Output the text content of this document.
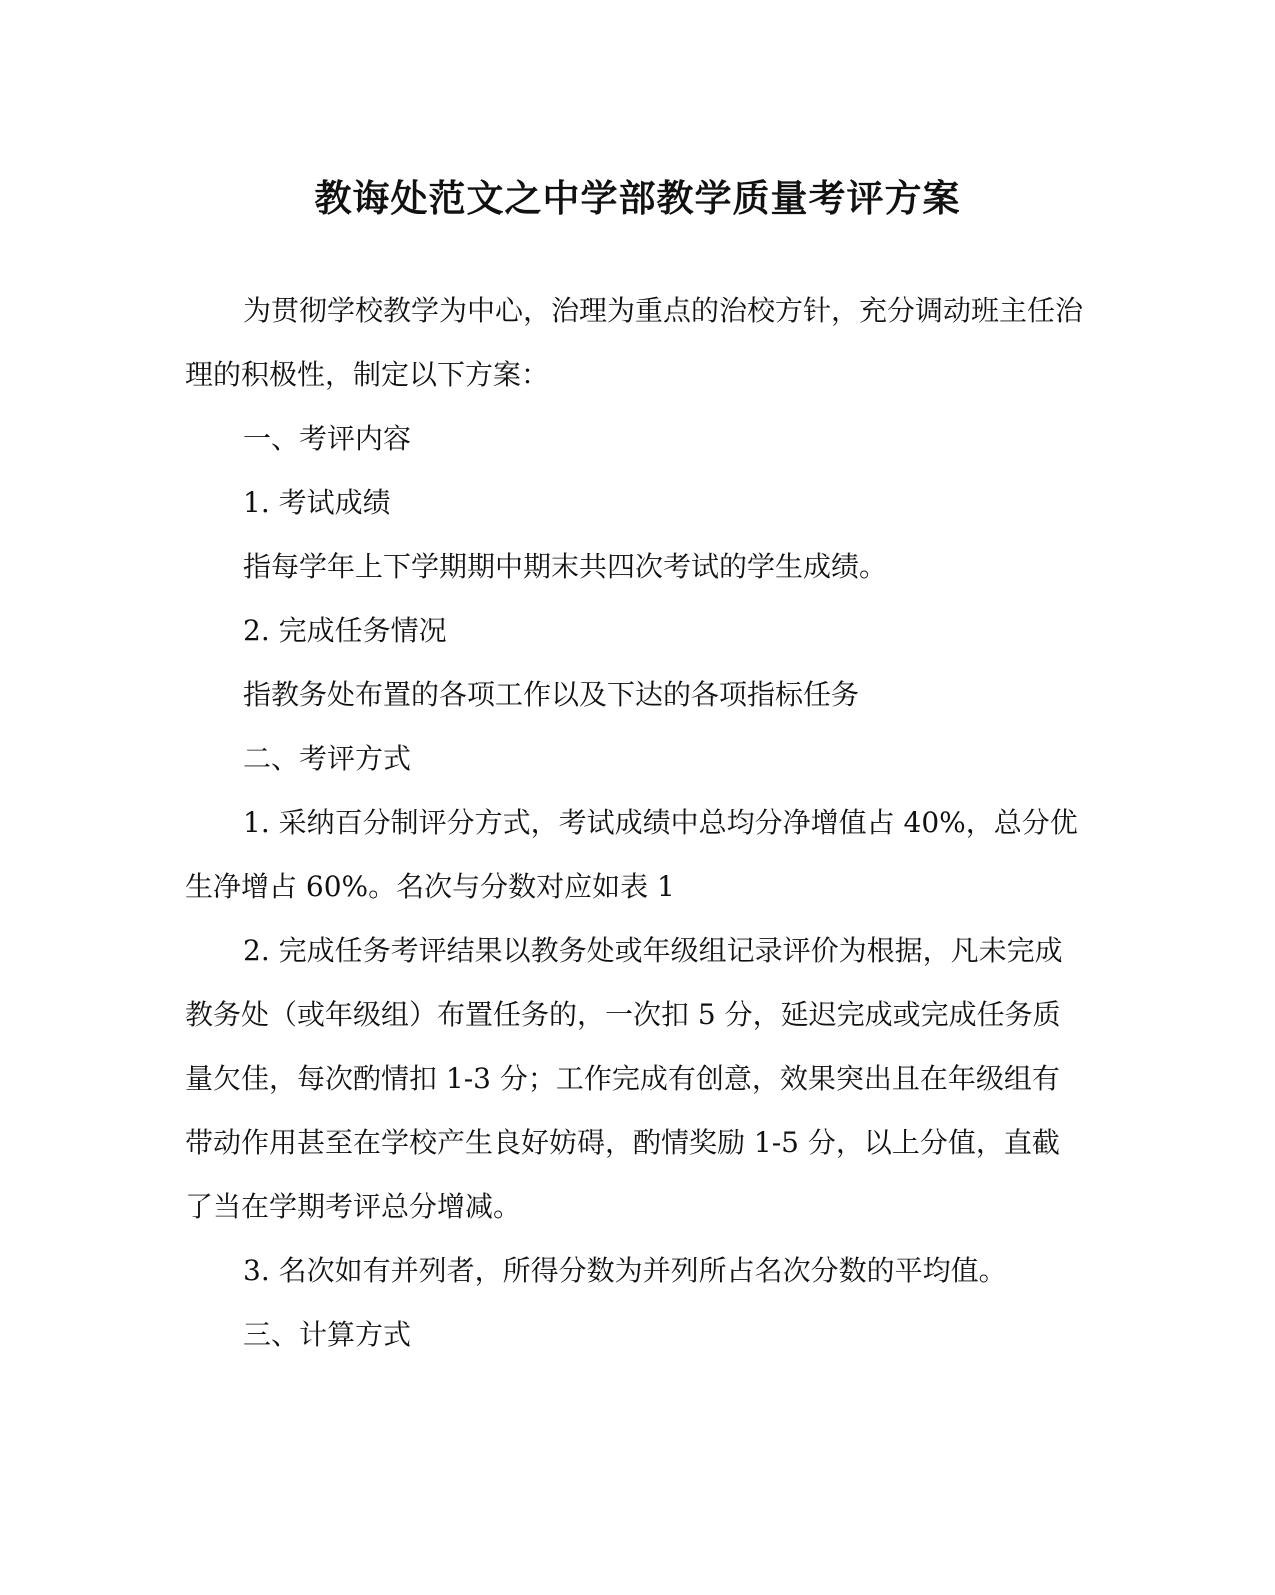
教诲处范文之中学部教学质量考评方案

为贯彻学校教学为中心，治理为重点的治校方针，充分调动班主任治理的积极性，制定以下方案：

一、考评内容

1. 考试成绩

指每学年上下学期期中期末共四次考试的学生成绩。

2. 完成任务情况

指教务处布置的各项工作以及下达的各项指标任务

二、考评方式

1. 采纳百分制评分方式，考试成绩中总均分净增值占 40%，总分优生净增占 60%。名次与分数对应如表 1

2. 完成任务考评结果以教务处或年级组记录评价为根据，凡未完成教务处（或年级组）布置任务的，一次扣 5 分，延迟完成或完成任务质量欠佳，每次酌情扣 1-3 分；工作完成有创意，效果突出且在年级组有带动作用甚至在学校产生良好妨碍，酌情奖励 1-5 分，以上分值，直截了当在学期考评总分增减。

3. 名次如有并列者，所得分数为并列所占名次分数的平均值。

三、计算方式
